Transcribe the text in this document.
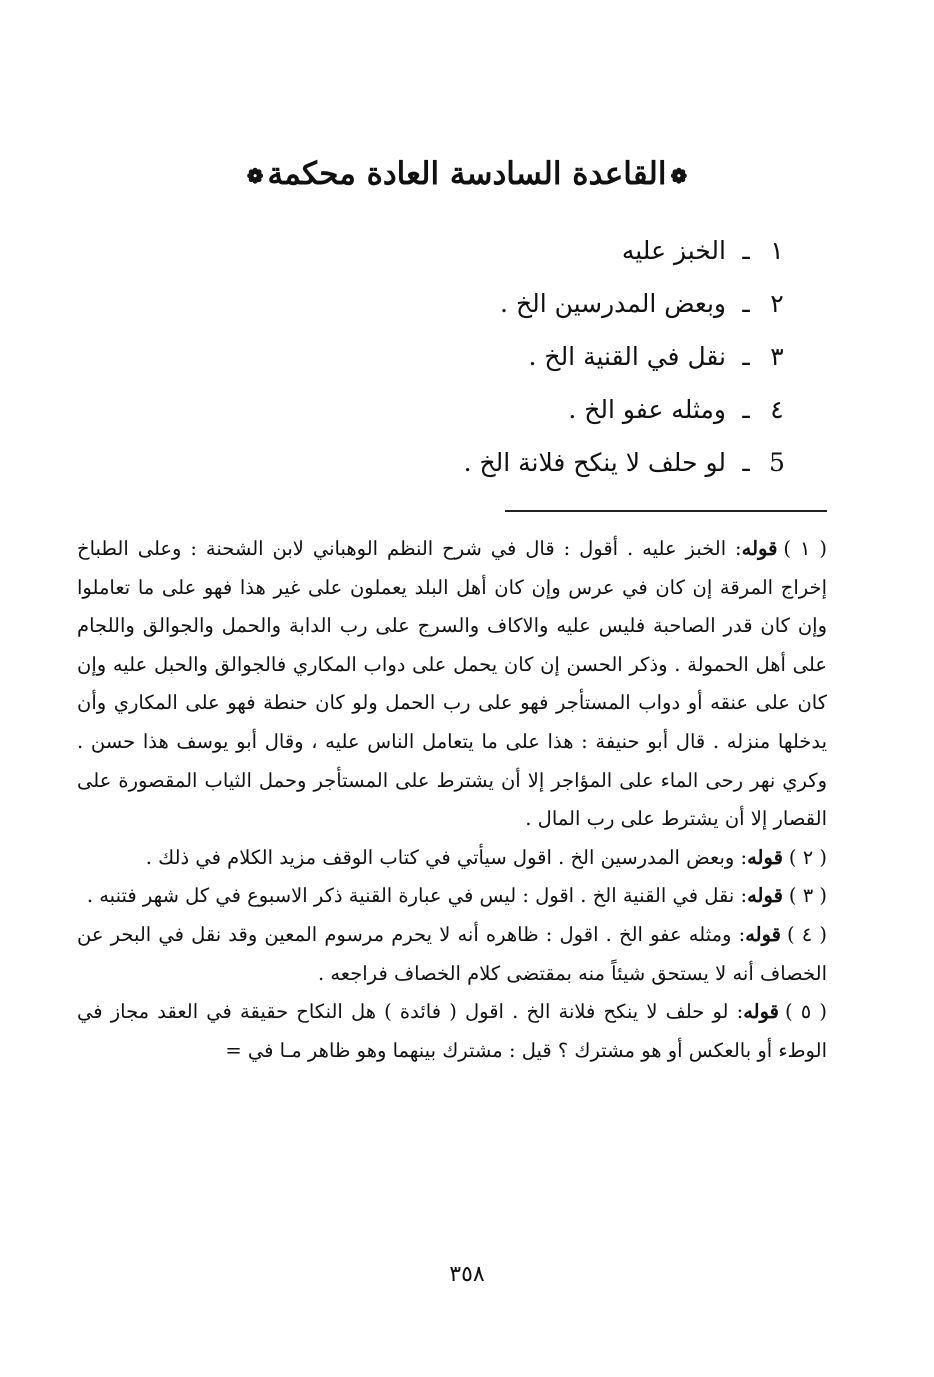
❁القاعدة السادسة العادة محكمة❁
١ـالخبز عليه
٢ـوبعض المدرسين الخ .
٣ـنقل في القنية الخ .
٤ـومثله عفو الخ .
5ـلو حلف لا ينكح فلانة الخ .

( ١ )قوله: الخبز عليه . أقول : قال في شرح النظم الوهباني لابن الشحنة : وعلى الطباخ إخراج المرقة إن كان في عرس وإن كان أهل البلد يعملون على غير هذا فهو على ما تعاملوا وإن كان قدر الصاحبة فليس عليه والاكاف والسرج على رب الدابة والحمل والجوالق واللجام على أهل الحمولة . وذكر الحسن إن كان يحمل على دواب المكاري فالجوالق والحبل عليه وإن كان على عنقه أو دواب المستأجر فهو على رب الحمل ولو كان حنطة فهو على المكاري وأن يدخلها منزله . قال أبو حنيفة : هذا على ما يتعامل الناس عليه ، وقال أبو يوسف هذا حسن . وكري نهر رحى الماء على المؤاجر إلا أن يشترط على المستأجر وحمل الثياب المقصورة على القصار إلا أن يشترط على رب المال .

( ٢ )قوله: وبعض المدرسين الخ . اقول سيأتي في كتاب الوقف مزيد الكلام في ذلك .

( ٣ )قوله: نقل في القنية الخ . اقول : ليس في عبارة القنية ذكر الاسبوع في كل شهر فتنبه .

( ٤ )قوله: ومثله عفو الخ . اقول : ظاهره أنه لا يحرم مرسوم المعين وقد نقل في البحر عن الخصاف أنه لا يستحق شيئاً منه بمقتضى كلام الخصاف فراجعه .

( ٥ )قوله: لو حلف لا ينكح فلانة الخ . اقول ( فائدة ) هل النكاح حقيقة في العقد مجاز في الوطء أو بالعكس أو هو مشترك ؟ قيل : مشترك بينهما وهو ظاهر مـا في =

٣٥٨
